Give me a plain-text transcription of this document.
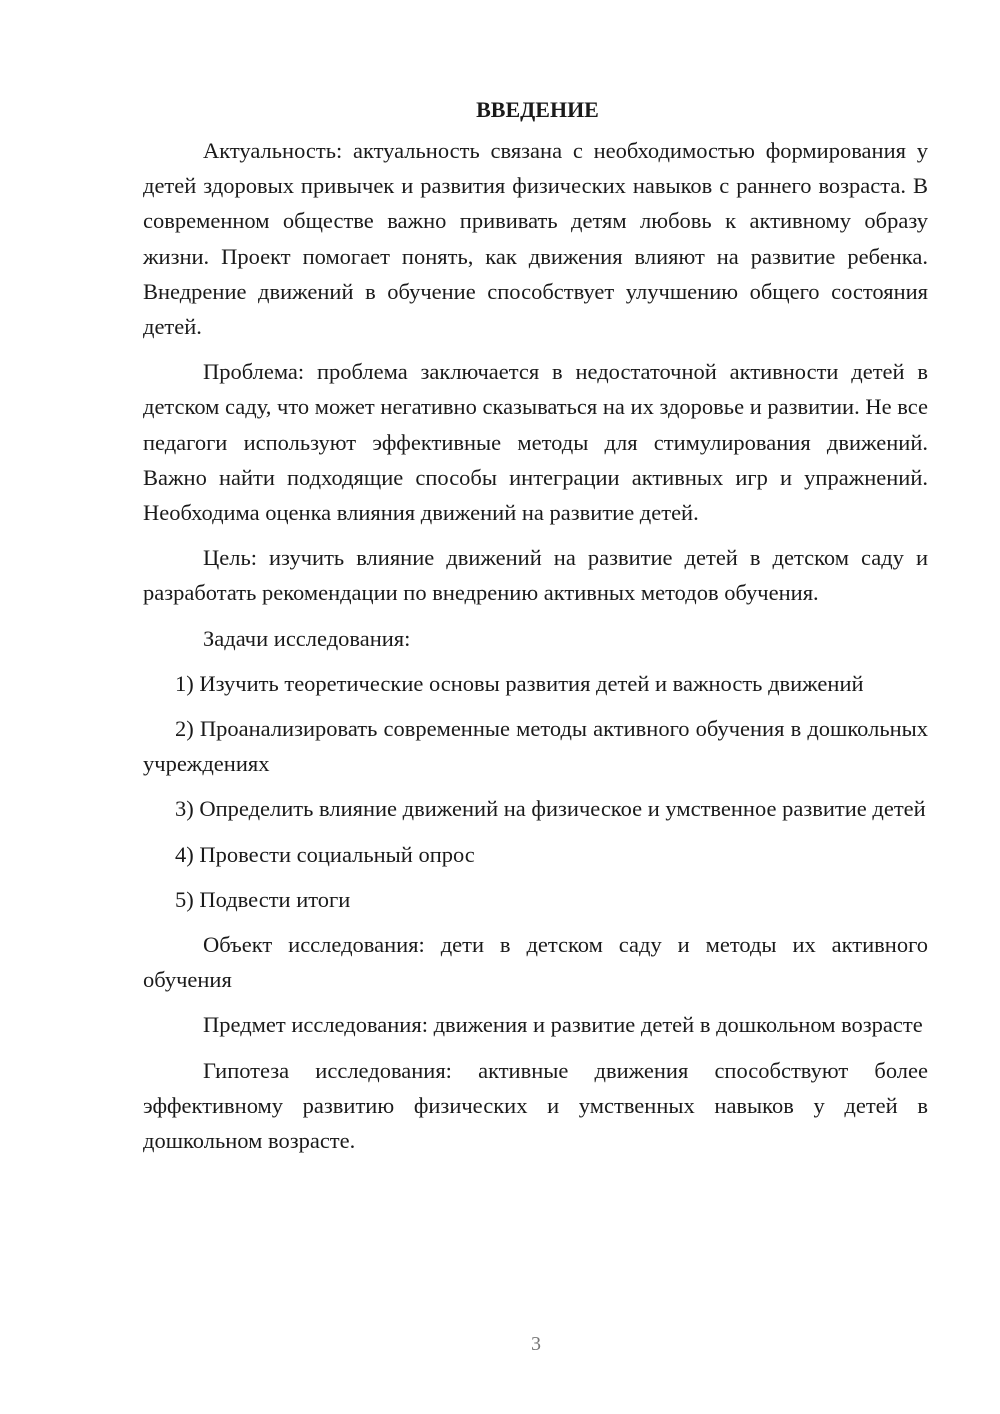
ВВЕДЕНИЕ

Актуальность: актуальность связана с необходимостью формирования у детей здоровых привычек и развития физических навыков с раннего возраста. В современном обществе важно прививать детям любовь к активному образу жизни. Проект помогает понять, как движения влияют на развитие ребенка. Внедрение движений в обучение способствует улучшению общего состояния детей.

Проблема: проблема заключается в недостаточной активности детей в детском саду, что может негативно сказываться на их здоровье и развитии. Не все педагоги используют эффективные методы для стимулирования движений. Важно найти подходящие способы интеграции активных игр и упражнений. Необходима оценка влияния движений на развитие детей.

Цель: изучить влияние движений на развитие детей в детском саду и разработать рекомендации по внедрению активных методов обучения.

Задачи исследования:

1) Изучить теоретические основы развития детей и важность движений

2) Проанализировать современные методы активного обучения в дошкольных учреждениях

3) Определить влияние движений на физическое и умственное развитие детей

4) Провести социальный опрос

5) Подвести итоги

Объект исследования: дети в детском саду и методы их активного обучения

Предмет исследования: движения и развитие детей в дошкольном возрасте

Гипотеза исследования: активные движения способствуют более эффективному развитию физических и умственных навыков у детей в дошкольном возрасте.

3
